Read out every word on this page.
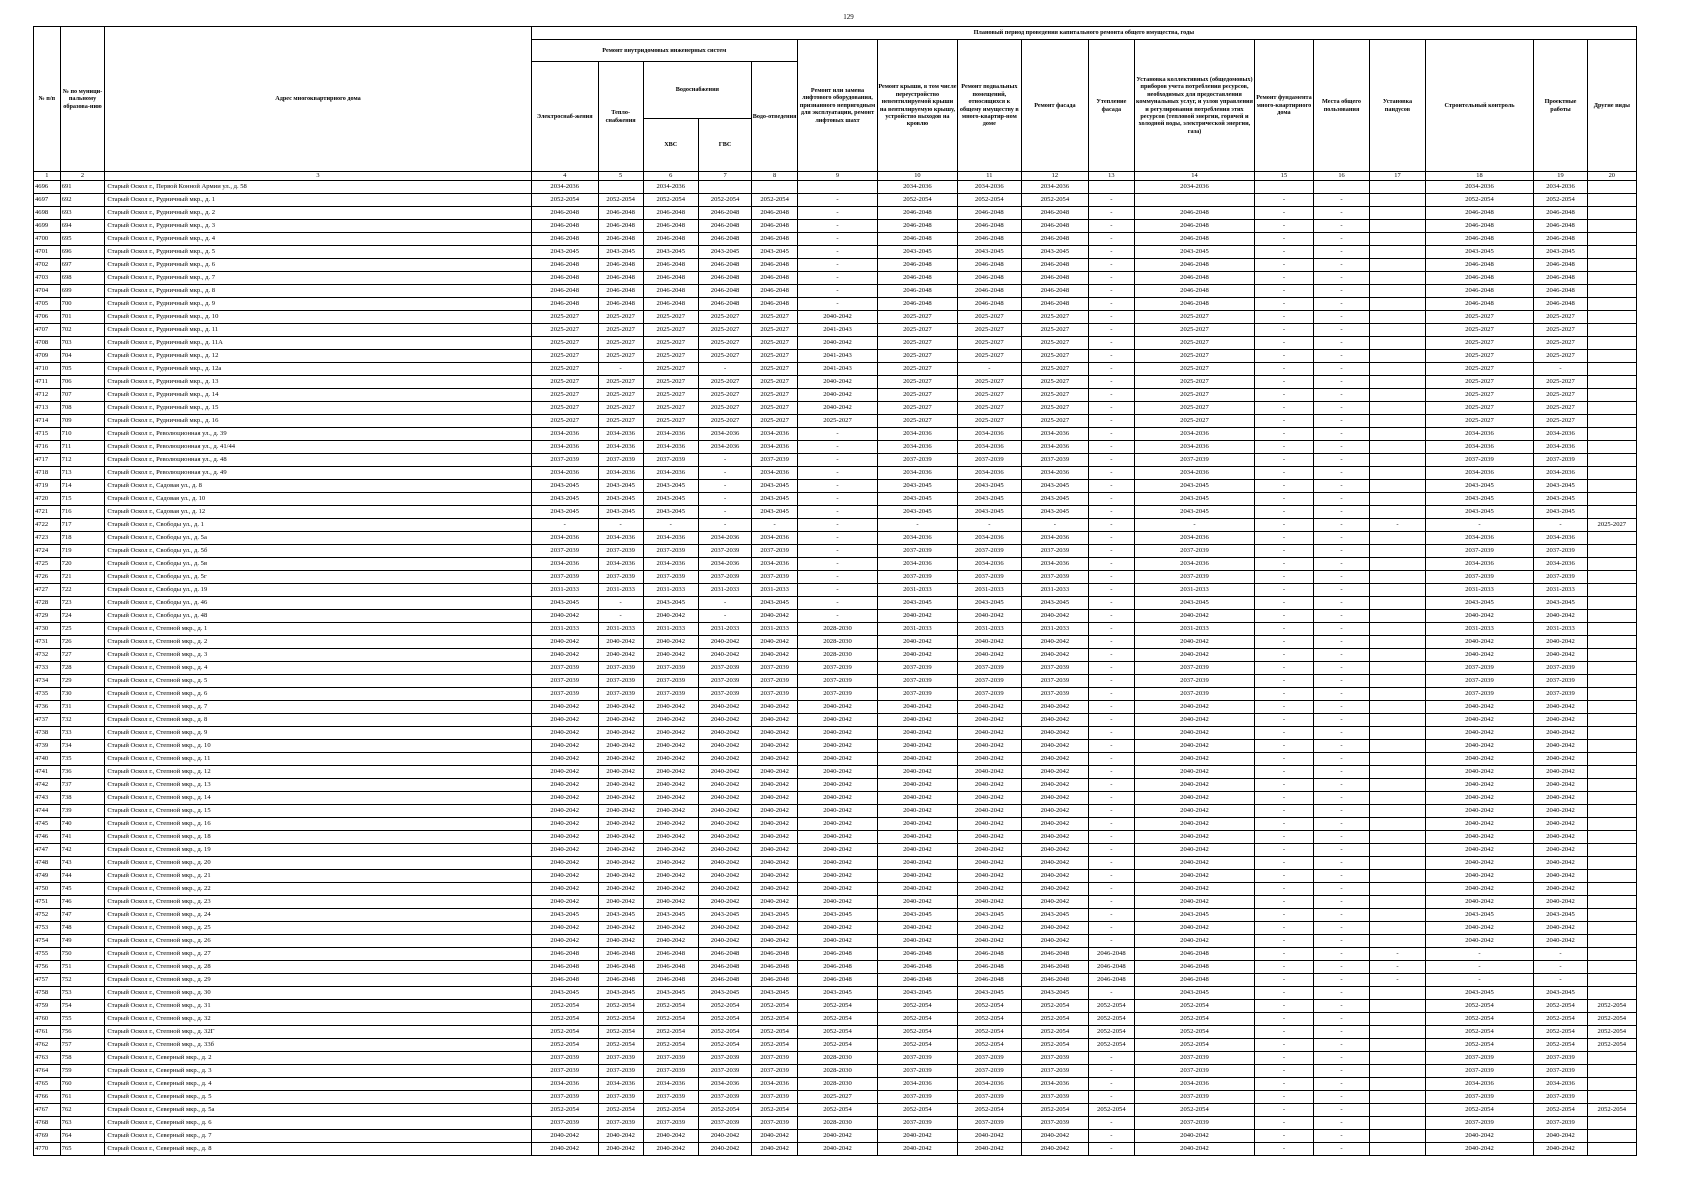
129
№ п/п	№ по муници-пальному образова-нию	Адрес многоквартирного дома	Плановый период проведения капитального ремонта общего имущества, годы																
			Ремонт внутридомовых инженерных систем					Ремонт или замена лифтового оборудования, признанного непригодным для эксплуатации, ремонт лифтовых шахт	Ремонт крыши, в том числе переустройство невентилируемой крыши на вентилируемую крышу, устройство выходов на кровлю	Ремонт подвальных помещений, относящихся к общему имуществу в много-квартир-ном доме	Ремонт фасада	Утепление фасада	Установка коллективных (общедомовых) приборов учета потребления ресурсов, необходимых для предоставления коммунальных услуг, и узлов управления и регулирования потребления этих ресурсов (тепловой энергии, горячей и холодной воды, электрической энергии, газа)	Ремонт фундамента много-квартирного дома	Места общего пользования	Установка пандусов	Строительный контроль	Проектные работы	Другие виды
			Электроснаб-жения	Тепло-снабжения	Водоснабжения		Водо-отведения												
					ХВС	ГВС													
1	2	3	4	5	6	7	8	9	10	11	12	13	14	15	16	17	18	19	20
4696	691	Старый Оскол г., Первой Конной Армии ул., д. 58	2034-2036		2034-2036				2034-2036	2034-2036	2034-2036		2034-2036				2034-2036	2034-2036	
4697	692	Старый Оскол г., Рудничный мкр., д. 1	2052-2054	2052-2054	2052-2054	2052-2054	2052-2054	-	2052-2054	2052-2054	2052-2054	-		-	-		2052-2054	2052-2054	
4698	693	Старый Оскол г., Рудничный мкр., д. 2	2046-2048	2046-2048	2046-2048	2046-2048	2046-2048	-	2046-2048	2046-2048	2046-2048	-	2046-2048	-	-		2046-2048	2046-2048	
4699	694	Старый Оскол г., Рудничный мкр., д. 3	2046-2048	2046-2048	2046-2048	2046-2048	2046-2048	-	2046-2048	2046-2048	2046-2048	-	2046-2048	-	-		2046-2048	2046-2048	
4700	695	Старый Оскол г., Рудничный мкр., д. 4	2046-2048	2046-2048	2046-2048	2046-2048	2046-2048	-	2046-2048	2046-2048	2046-2048	-	2046-2048	-	-		2046-2048	2046-2048	
4701	696	Старый Оскол г., Рудничный мкр., д. 5	2043-2045	2043-2045	2043-2045	2043-2045	2043-2045	-	2043-2045	2043-2045	2043-2045	-	2043-2045	-	-		2043-2045	2043-2045	
4702	697	Старый Оскол г., Рудничный мкр., д. 6	2046-2048	2046-2048	2046-2048	2046-2048	2046-2048	-	2046-2048	2046-2048	2046-2048	-	2046-2048	-	-		2046-2048	2046-2048	
4703	698	Старый Оскол г., Рудничный мкр., д. 7	2046-2048	2046-2048	2046-2048	2046-2048	2046-2048	-	2046-2048	2046-2048	2046-2048	-	2046-2048	-	-		2046-2048	2046-2048	
4704	699	Старый Оскол г., Рудничный мкр., д. 8	2046-2048	2046-2048	2046-2048	2046-2048	2046-2048	-	2046-2048	2046-2048	2046-2048	-	2046-2048	-	-		2046-2048	2046-2048	
4705	700	Старый Оскол г., Рудничный мкр., д. 9	2046-2048	2046-2048	2046-2048	2046-2048	2046-2048	-	2046-2048	2046-2048	2046-2048	-	2046-2048	-	-		2046-2048	2046-2048	
4706	701	Старый Оскол г., Рудничный мкр., д. 10	2025-2027	2025-2027	2025-2027	2025-2027	2025-2027	2040-2042	2025-2027	2025-2027	2025-2027	-	2025-2027	-	-		2025-2027	2025-2027	
4707	702	Старый Оскол г., Рудничный мкр., д. 11	2025-2027	2025-2027	2025-2027	2025-2027	2025-2027	2041-2043	2025-2027	2025-2027	2025-2027	-	2025-2027	-	-		2025-2027	2025-2027	
4708	703	Старый Оскол г., Рудничный мкр., д. 11А	2025-2027	2025-2027	2025-2027	2025-2027	2025-2027	2040-2042	2025-2027	2025-2027	2025-2027	-	2025-2027	-	-		2025-2027	2025-2027	
4709	704	Старый Оскол г., Рудничный мкр., д. 12	2025-2027	2025-2027	2025-2027	2025-2027	2025-2027	2041-2043	2025-2027	2025-2027	2025-2027	-	2025-2027	-	-		2025-2027	2025-2027	
4710	705	Старый Оскол г., Рудничный мкр., д. 12а	2025-2027	-	2025-2027	-	2025-2027	2041-2043	2025-2027	-	2025-2027	-	2025-2027	-	-		2025-2027	-	
4711	706	Старый Оскол г., Рудничный мкр., д. 13	2025-2027	2025-2027	2025-2027	2025-2027	2025-2027	2040-2042	2025-2027	2025-2027	2025-2027	-	2025-2027	-	-		2025-2027	2025-2027	
4712	707	Старый Оскол г., Рудничный мкр., д. 14	2025-2027	2025-2027	2025-2027	2025-2027	2025-2027	2040-2042	2025-2027	2025-2027	2025-2027	-	2025-2027	-	-		2025-2027	2025-2027	
4713	708	Старый Оскол г., Рудничный мкр., д. 15	2025-2027	2025-2027	2025-2027	2025-2027	2025-2027	2040-2042	2025-2027	2025-2027	2025-2027	-	2025-2027	-	-		2025-2027	2025-2027	
4714	709	Старый Оскол г., Рудничный мкр., д. 16	2025-2027	2025-2027	2025-2027	2025-2027	2025-2027	2025-2027	2025-2027	2025-2027	2025-2027	-	2025-2027	-	-		2025-2027	2025-2027	
4715	710	Старый Оскол г., Революционная ул., д. 39	2034-2036	2034-2036	2034-2036	2034-2036	2034-2036	-	2034-2036	2034-2036	2034-2036	-	2034-2036	-	-		2034-2036	2034-2036	
4716	711	Старый Оскол г., Революционная ул., д. 41/44	2034-2036	2034-2036	2034-2036	2034-2036	2034-2036	-	2034-2036	2034-2036	2034-2036	-	2034-2036	-	-		2034-2036	2034-2036	
4717	712	Старый Оскол г., Революционная ул., д. 48	2037-2039	2037-2039	2037-2039	-	2037-2039	-	2037-2039	2037-2039	2037-2039	-	2037-2039	-	-		2037-2039	2037-2039	
4718	713	Старый Оскол г., Революционная ул., д. 49	2034-2036	2034-2036	2034-2036	-	2034-2036	-	2034-2036	2034-2036	2034-2036	-	2034-2036	-	-		2034-2036	2034-2036	
4719	714	Старый Оскол г., Садовая ул., д. 8	2043-2045	2043-2045	2043-2045	-	2043-2045	-	2043-2045	2043-2045	2043-2045	-	2043-2045	-	-		2043-2045	2043-2045	
4720	715	Старый Оскол г., Садовая ул., д. 10	2043-2045	2043-2045	2043-2045	-	2043-2045	-	2043-2045	2043-2045	2043-2045	-	2043-2045	-	-		2043-2045	2043-2045	
4721	716	Старый Оскол г., Садовая ул., д. 12	2043-2045	2043-2045	2043-2045	-	2043-2045	-	2043-2045	2043-2045	2043-2045	-	2043-2045	-	-		2043-2045	2043-2045	
4722	717	Старый Оскол г., Свободы ул., д. 1	-	-	-	-	-	-	-	-	-	-	-	-	-	-	-	-	2025-2027
4723	718	Старый Оскол г., Свободы ул., д. 5а	2034-2036	2034-2036	2034-2036	2034-2036	2034-2036	-	2034-2036	2034-2036	2034-2036	-	2034-2036	-	-		2034-2036	2034-2036	
4724	719	Старый Оскол г., Свободы ул., д. 5б	2037-2039	2037-2039	2037-2039	2037-2039	2037-2039	-	2037-2039	2037-2039	2037-2039	-	2037-2039	-	-		2037-2039	2037-2039	
4725	720	Старый Оскол г., Свободы ул., д. 5в	2034-2036	2034-2036	2034-2036	2034-2036	2034-2036	-	2034-2036	2034-2036	2034-2036	-	2034-2036	-	-		2034-2036	2034-2036	
4726	721	Старый Оскол г., Свободы ул., д. 5г	2037-2039	2037-2039	2037-2039	2037-2039	2037-2039	-	2037-2039	2037-2039	2037-2039	-	2037-2039	-	-		2037-2039	2037-2039	
4727	722	Старый Оскол г., Свободы ул., д. 19	2031-2033	2031-2033	2031-2033	2031-2033	2031-2033	-	2031-2033	2031-2033	2031-2033	-	2031-2033	-	-		2031-2033	2031-2033	
4728	723	Старый Оскол г., Свободы ул., д. 46	2043-2045	-	2043-2045	-	2043-2045	-	2043-2045	2043-2045	2043-2045	-	2043-2045	-	-		2043-2045	2043-2045	
4729	724	Старый Оскол г., Свободы ул., д. 48	2040-2042	-	2040-2042	-	2040-2042	-	2040-2042	2040-2042	2040-2042	-	2040-2042	-	-		2040-2042	2040-2042	
4730	725	Старый Оскол г., Степной мкр., д. 1	2031-2033	2031-2033	2031-2033	2031-2033	2031-2033	2028-2030	2031-2033	2031-2033	2031-2033	-	2031-2033	-	-		2031-2033	2031-2033	
4731	726	Старый Оскол г., Степной мкр., д. 2	2040-2042	2040-2042	2040-2042	2040-2042	2040-2042	2028-2030	2040-2042	2040-2042	2040-2042	-	2040-2042	-	-		2040-2042	2040-2042	
4732	727	Старый Оскол г., Степной мкр., д. 3	2040-2042	2040-2042	2040-2042	2040-2042	2040-2042	2028-2030	2040-2042	2040-2042	2040-2042	-	2040-2042	-	-		2040-2042	2040-2042	
4733	728	Старый Оскол г., Степной мкр., д. 4	2037-2039	2037-2039	2037-2039	2037-2039	2037-2039	2037-2039	2037-2039	2037-2039	2037-2039	-	2037-2039	-	-		2037-2039	2037-2039	
4734	729	Старый Оскол г., Степной мкр., д. 5	2037-2039	2037-2039	2037-2039	2037-2039	2037-2039	2037-2039	2037-2039	2037-2039	2037-2039	-	2037-2039	-	-		2037-2039	2037-2039	
4735	730	Старый Оскол г., Степной мкр., д. 6	2037-2039	2037-2039	2037-2039	2037-2039	2037-2039	2037-2039	2037-2039	2037-2039	2037-2039	-	2037-2039	-	-		2037-2039	2037-2039	
4736	731	Старый Оскол г., Степной мкр., д. 7	2040-2042	2040-2042	2040-2042	2040-2042	2040-2042	2040-2042	2040-2042	2040-2042	2040-2042	-	2040-2042	-	-		2040-2042	2040-2042	
4737	732	Старый Оскол г., Степной мкр., д. 8	2040-2042	2040-2042	2040-2042	2040-2042	2040-2042	2040-2042	2040-2042	2040-2042	2040-2042	-	2040-2042	-	-		2040-2042	2040-2042	
4738	733	Старый Оскол г., Степной мкр., д. 9	2040-2042	2040-2042	2040-2042	2040-2042	2040-2042	2040-2042	2040-2042	2040-2042	2040-2042	-	2040-2042	-	-		2040-2042	2040-2042	
4739	734	Старый Оскол г., Степной мкр., д. 10	2040-2042	2040-2042	2040-2042	2040-2042	2040-2042	2040-2042	2040-2042	2040-2042	2040-2042	-	2040-2042	-	-		2040-2042	2040-2042	
4740	735	Старый Оскол г., Степной мкр., д. 11	2040-2042	2040-2042	2040-2042	2040-2042	2040-2042	2040-2042	2040-2042	2040-2042	2040-2042	-	2040-2042	-	-		2040-2042	2040-2042	
4741	736	Старый Оскол г., Степной мкр., д. 12	2040-2042	2040-2042	2040-2042	2040-2042	2040-2042	2040-2042	2040-2042	2040-2042	2040-2042	-	2040-2042	-	-		2040-2042	2040-2042	
4742	737	Старый Оскол г., Степной мкр., д. 13	2040-2042	2040-2042	2040-2042	2040-2042	2040-2042	2040-2042	2040-2042	2040-2042	2040-2042	-	2040-2042	-	-		2040-2042	2040-2042	
4743	738	Старый Оскол г., Степной мкр., д. 14	2040-2042	2040-2042	2040-2042	2040-2042	2040-2042	2040-2042	2040-2042	2040-2042	2040-2042	-	2040-2042	-	-		2040-2042	2040-2042	
4744	739	Старый Оскол г., Степной мкр., д. 15	2040-2042	2040-2042	2040-2042	2040-2042	2040-2042	2040-2042	2040-2042	2040-2042	2040-2042	-	2040-2042	-	-		2040-2042	2040-2042	
4745	740	Старый Оскол г., Степной мкр., д. 16	2040-2042	2040-2042	2040-2042	2040-2042	2040-2042	2040-2042	2040-2042	2040-2042	2040-2042	-	2040-2042	-	-		2040-2042	2040-2042	
4746	741	Старый Оскол г., Степной мкр., д. 18	2040-2042	2040-2042	2040-2042	2040-2042	2040-2042	2040-2042	2040-2042	2040-2042	2040-2042	-	2040-2042	-	-		2040-2042	2040-2042	
4747	742	Старый Оскол г., Степной мкр., д. 19	2040-2042	2040-2042	2040-2042	2040-2042	2040-2042	2040-2042	2040-2042	2040-2042	2040-2042	-	2040-2042	-	-		2040-2042	2040-2042	
4748	743	Старый Оскол г., Степной мкр., д. 20	2040-2042	2040-2042	2040-2042	2040-2042	2040-2042	2040-2042	2040-2042	2040-2042	2040-2042	-	2040-2042	-	-		2040-2042	2040-2042	
4749	744	Старый Оскол г., Степной мкр., д. 21	2040-2042	2040-2042	2040-2042	2040-2042	2040-2042	2040-2042	2040-2042	2040-2042	2040-2042	-	2040-2042	-	-		2040-2042	2040-2042	
4750	745	Старый Оскол г., Степной мкр., д. 22	2040-2042	2040-2042	2040-2042	2040-2042	2040-2042	2040-2042	2040-2042	2040-2042	2040-2042	-	2040-2042	-	-		2040-2042	2040-2042	
4751	746	Старый Оскол г., Степной мкр., д. 23	2040-2042	2040-2042	2040-2042	2040-2042	2040-2042	2040-2042	2040-2042	2040-2042	2040-2042	-	2040-2042	-	-		2040-2042	2040-2042	
4752	747	Старый Оскол г., Степной мкр., д. 24	2043-2045	2043-2045	2043-2045	2043-2045	2043-2045	2043-2045	2043-2045	2043-2045	2043-2045	-	2043-2045	-	-		2043-2045	2043-2045	
4753	748	Старый Оскол г., Степной мкр., д. 25	2040-2042	2040-2042	2040-2042	2040-2042	2040-2042	2040-2042	2040-2042	2040-2042	2040-2042	-	2040-2042	-	-		2040-2042	2040-2042	
4754	749	Старый Оскол г., Степной мкр., д. 26	2040-2042	2040-2042	2040-2042	2040-2042	2040-2042	2040-2042	2040-2042	2040-2042	2040-2042	-	2040-2042	-	-		2040-2042	2040-2042	
4755	750	Старый Оскол г., Степной мкр., д. 27	2046-2048	2046-2048	2046-2048	2046-2048	2046-2048	2046-2048	2046-2048	2046-2048	2046-2048	2046-2048	2046-2048	-	-	-	-	-	
4756	751	Старый Оскол г., Степной мкр., д. 28	2046-2048	2046-2048	2046-2048	2046-2048	2046-2048	2046-2048	2046-2048	2046-2048	2046-2048	2046-2048	2046-2048	-	-	-	-	-	
4757	752	Старый Оскол г., Степной мкр., д. 29	2046-2048	2046-2048	2046-2048	2046-2048	2046-2048	2046-2048	2046-2048	2046-2048	2046-2048	2046-2048	2046-2048	-	-	-	-	-	
4758	753	Старый Оскол г., Степной мкр., д. 30	2043-2045	2043-2045	2043-2045	2043-2045	2043-2045	2043-2045	2043-2045	2043-2045	2043-2045	-	2043-2045	-	-		2043-2045	2043-2045	
4759	754	Старый Оскол г., Степной мкр., д. 31	2052-2054	2052-2054	2052-2054	2052-2054	2052-2054	2052-2054	2052-2054	2052-2054	2052-2054	2052-2054	2052-2054	-	-		2052-2054	2052-2054	2052-2054
4760	755	Старый Оскол г., Степной мкр., д. 32	2052-2054	2052-2054	2052-2054	2052-2054	2052-2054	2052-2054	2052-2054	2052-2054	2052-2054	2052-2054	2052-2054	-	-		2052-2054	2052-2054	2052-2054
4761	756	Старый Оскол г., Степной мкр., д. 32Г	2052-2054	2052-2054	2052-2054	2052-2054	2052-2054	2052-2054	2052-2054	2052-2054	2052-2054	2052-2054	2052-2054	-	-		2052-2054	2052-2054	2052-2054
4762	757	Старый Оскол г., Степной мкр., д. 33б	2052-2054	2052-2054	2052-2054	2052-2054	2052-2054	2052-2054	2052-2054	2052-2054	2052-2054	2052-2054	2052-2054	-	-		2052-2054	2052-2054	2052-2054
4763	758	Старый Оскол г., Северный мкр., д. 2	2037-2039	2037-2039	2037-2039	2037-2039	2037-2039	2028-2030	2037-2039	2037-2039	2037-2039	-	2037-2039	-	-		2037-2039	2037-2039	
4764	759	Старый Оскол г., Северный мкр., д. 3	2037-2039	2037-2039	2037-2039	2037-2039	2037-2039	2028-2030	2037-2039	2037-2039	2037-2039	-	2037-2039	-	-		2037-2039	2037-2039	
4765	760	Старый Оскол г., Северный мкр., д. 4	2034-2036	2034-2036	2034-2036	2034-2036	2034-2036	2028-2030	2034-2036	2034-2036	2034-2036	-	2034-2036	-	-		2034-2036	2034-2036	
4766	761	Старый Оскол г., Северный мкр., д. 5	2037-2039	2037-2039	2037-2039	2037-2039	2037-2039	2025-2027	2037-2039	2037-2039	2037-2039	-	2037-2039	-	-		2037-2039	2037-2039	
4767	762	Старый Оскол г., Северный мкр., д. 5а	2052-2054	2052-2054	2052-2054	2052-2054	2052-2054	2052-2054	2052-2054	2052-2054	2052-2054	2052-2054	2052-2054	-	-		2052-2054	2052-2054	2052-2054
4768	763	Старый Оскол г., Северный мкр., д. 6	2037-2039	2037-2039	2037-2039	2037-2039	2037-2039	2028-2030	2037-2039	2037-2039	2037-2039	-	2037-2039	-	-		2037-2039	2037-2039	
4769	764	Старый Оскол г., Северный мкр., д. 7	2040-2042	2040-2042	2040-2042	2040-2042	2040-2042	2040-2042	2040-2042	2040-2042	2040-2042	-	2040-2042	-	-		2040-2042	2040-2042	
4770	765	Старый Оскол г., Северный мкр., д. 8	2040-2042	2040-2042	2040-2042	2040-2042	2040-2042	2040-2042	2040-2042	2040-2042	2040-2042	-	2040-2042	-	-		2040-2042	2040-2042	
